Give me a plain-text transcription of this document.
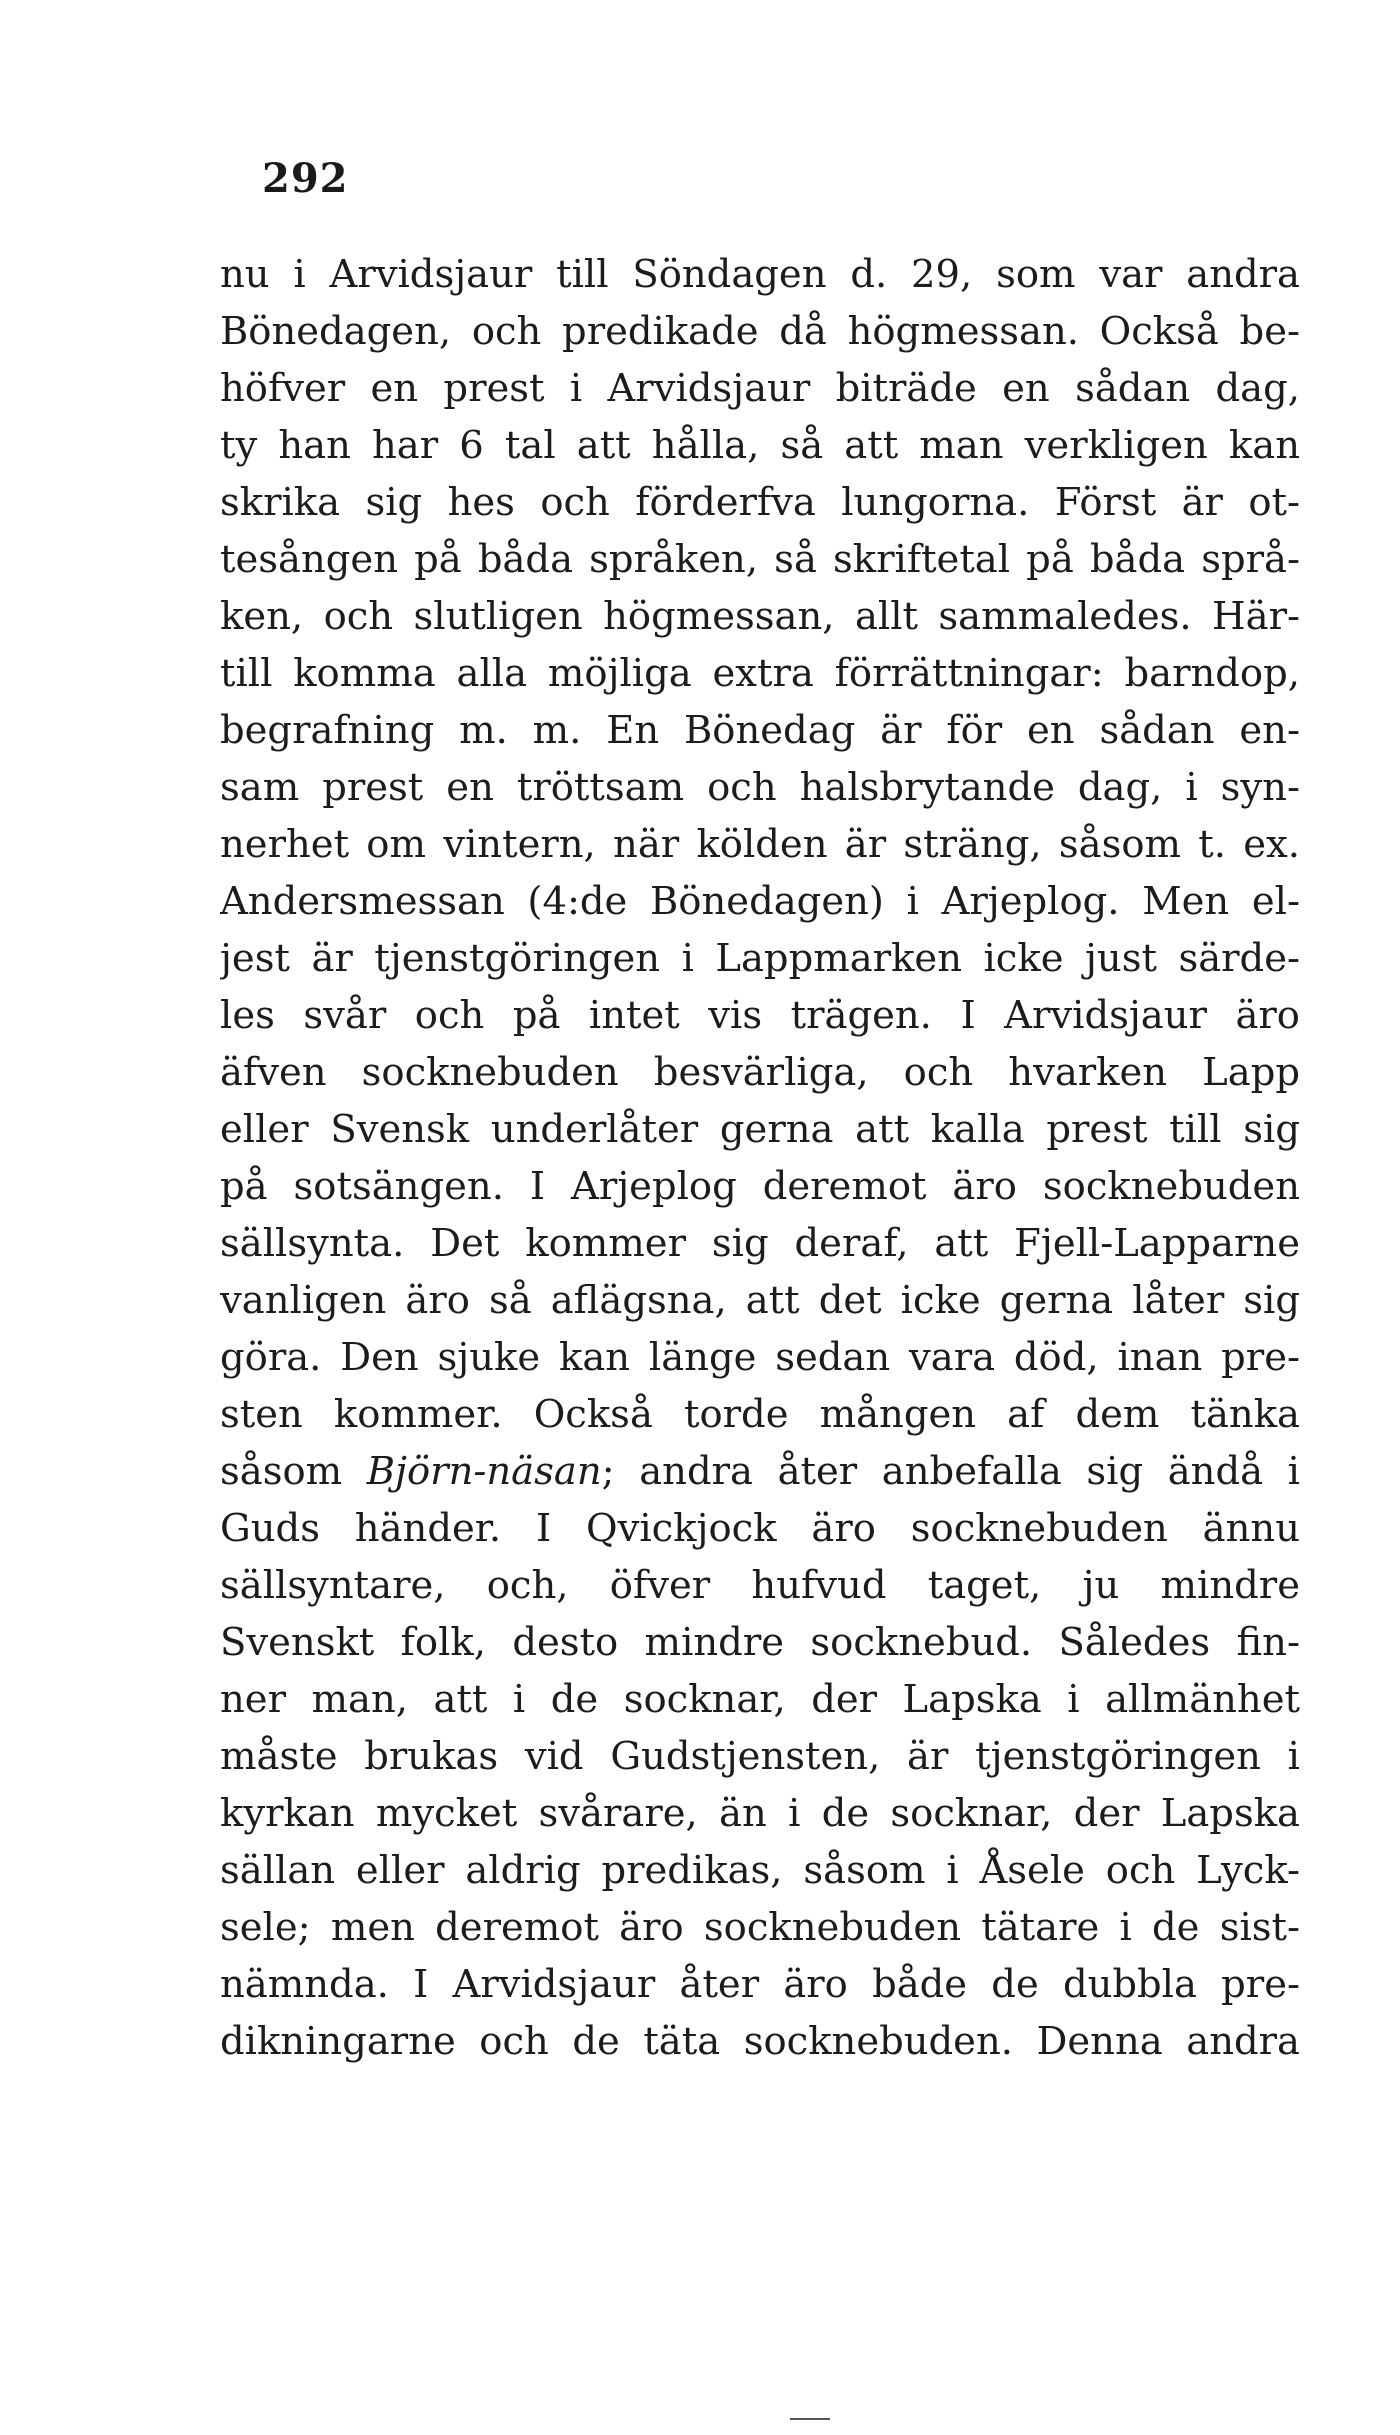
292
nu i Arvidsjaur till Söndagen d. 29, som var andra
Bönedagen, och predikade då högmessan. Också be-
höfver en prest i Arvidsjaur biträde en sådan dag,
ty han har 6 tal att hålla, så att man verkligen kan
skrika sig hes och förderfva lungorna. Först är ot-
tesången på båda språken, så skriftetal på båda språ-
ken, och slutligen högmessan, allt sammaledes. Här-
till komma alla möjliga extra förrättningar: barndop,
begrafning m. m. En Bönedag är för en sådan en-
sam prest en tröttsam och halsbrytande dag, i syn-
nerhet om vintern, när kölden är sträng, såsom t. ex.
Andersmessan (4:de Bönedagen) i Arjeplog. Men el-
jest är tjenstgöringen i Lappmarken icke just särde-
les svår och på intet vis trägen. I Arvidsjaur äro
äfven socknebuden besvärliga, och hvarken Lapp
eller Svensk underlåter gerna att kalla prest till sig
på sotsängen. I Arjeplog deremot äro socknebuden
sällsynta. Det kommer sig deraf, att Fjell-Lapparne
vanligen äro så aflägsna, att det icke gerna låter sig
göra. Den sjuke kan länge sedan vara död, inan pre-
sten kommer. Också torde mången af dem tänka
såsom Björn-näsan; andra åter anbefalla sig ändå i
Guds händer. I Qvickjock äro socknebuden ännu
sällsyntare, och, öfver hufvud taget, ju mindre
Svenskt folk, desto mindre socknebud. Således fin-
ner man, att i de socknar, der Lapska i allmänhet
måste brukas vid Gudstjensten, är tjenstgöringen i
kyrkan mycket svårare, än i de socknar, der Lapska
sällan eller aldrig predikas, såsom i Åsele och Lyck-
sele; men deremot äro socknebuden tätare i de sist-
nämnda. I Arvidsjaur åter äro både de dubbla pre-
dikningarne och de täta socknebuden. Denna andra
